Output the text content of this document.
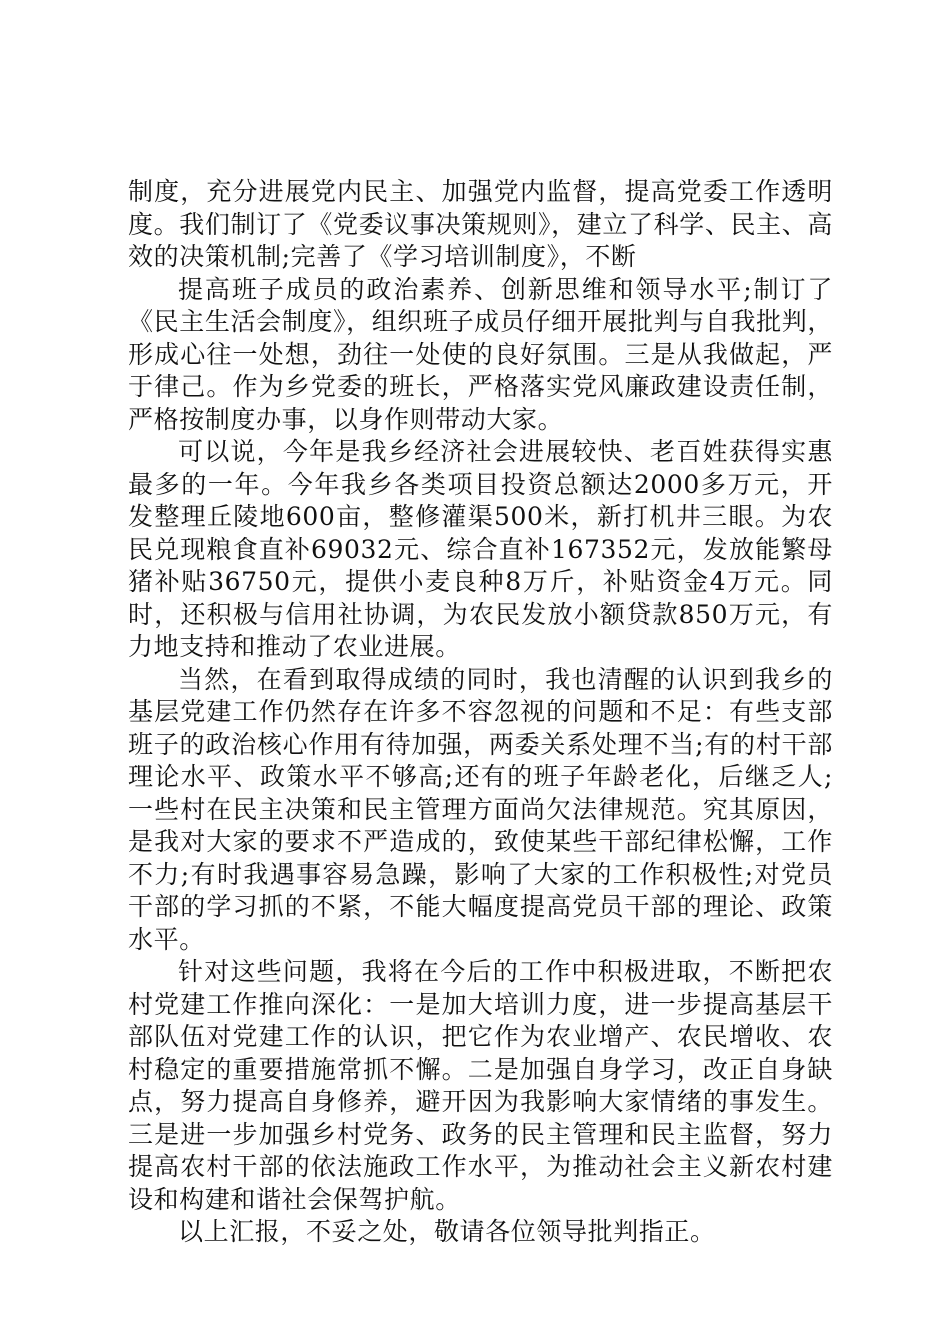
制度，充分进展党内民主、加强党内监督，提高党委工作透明度。我们制订了《党委议事决策规则》，建立了科学、民主、高效的决策机制;完善了《学习培训制度》，不断

提高班子成员的政治素养、创新思维和领导水平;制订了《民主生活会制度》，组织班子成员仔细开展批判与自我批判，形成心往一处想，劲往一处使的良好氛围。三是从我做起，严于律己。作为乡党委的班长，严格落实党风廉政建设责任制，严格按制度办事，以身作则带动大家。

可以说，今年是我乡经济社会进展较快、老百姓获得实惠最多的一年。今年我乡各类项目投资总额达2000多万元，开发整理丘陵地600亩，整修灌渠500米，新打机井三眼。为农民兑现粮食直补69032元、综合直补167352元，发放能繁母猪补贴36750元，提供小麦良种8万斤，补贴资金4万元。同时，还积极与信用社协调，为农民发放小额贷款850万元，有力地支持和推动了农业进展。

当然，在看到取得成绩的同时，我也清醒的认识到我乡的基层党建工作仍然存在许多不容忽视的问题和不足：有些支部班子的政治核心作用有待加强，两委关系处理不当;有的村干部理论水平、政策水平不够高;还有的班子年龄老化，后继乏人;一些村在民主决策和民主管理方面尚欠法律规范。究其原因，是我对大家的要求不严造成的，致使某些干部纪律松懈，工作不力;有时我遇事容易急躁，影响了大家的工作积极性;对党员干部的学习抓的不紧，不能大幅度提高党员干部的理论、政策水平。

针对这些问题，我将在今后的工作中积极进取，不断把农村党建工作推向深化：一是加大培训力度，进一步提高基层干部队伍对党建工作的认识，把它作为农业增产、农民增收、农村稳定的重要措施常抓不懈。二是加强自身学习，改正自身缺点，努力提高自身修养，避开因为我影响大家情绪的事发生。三是进一步加强乡村党务、政务的民主管理和民主监督，努力提高农村干部的依法施政工作水平，为推动社会主义新农村建设和构建和谐社会保驾护航。

以上汇报，不妥之处，敬请各位领导批判指正。
